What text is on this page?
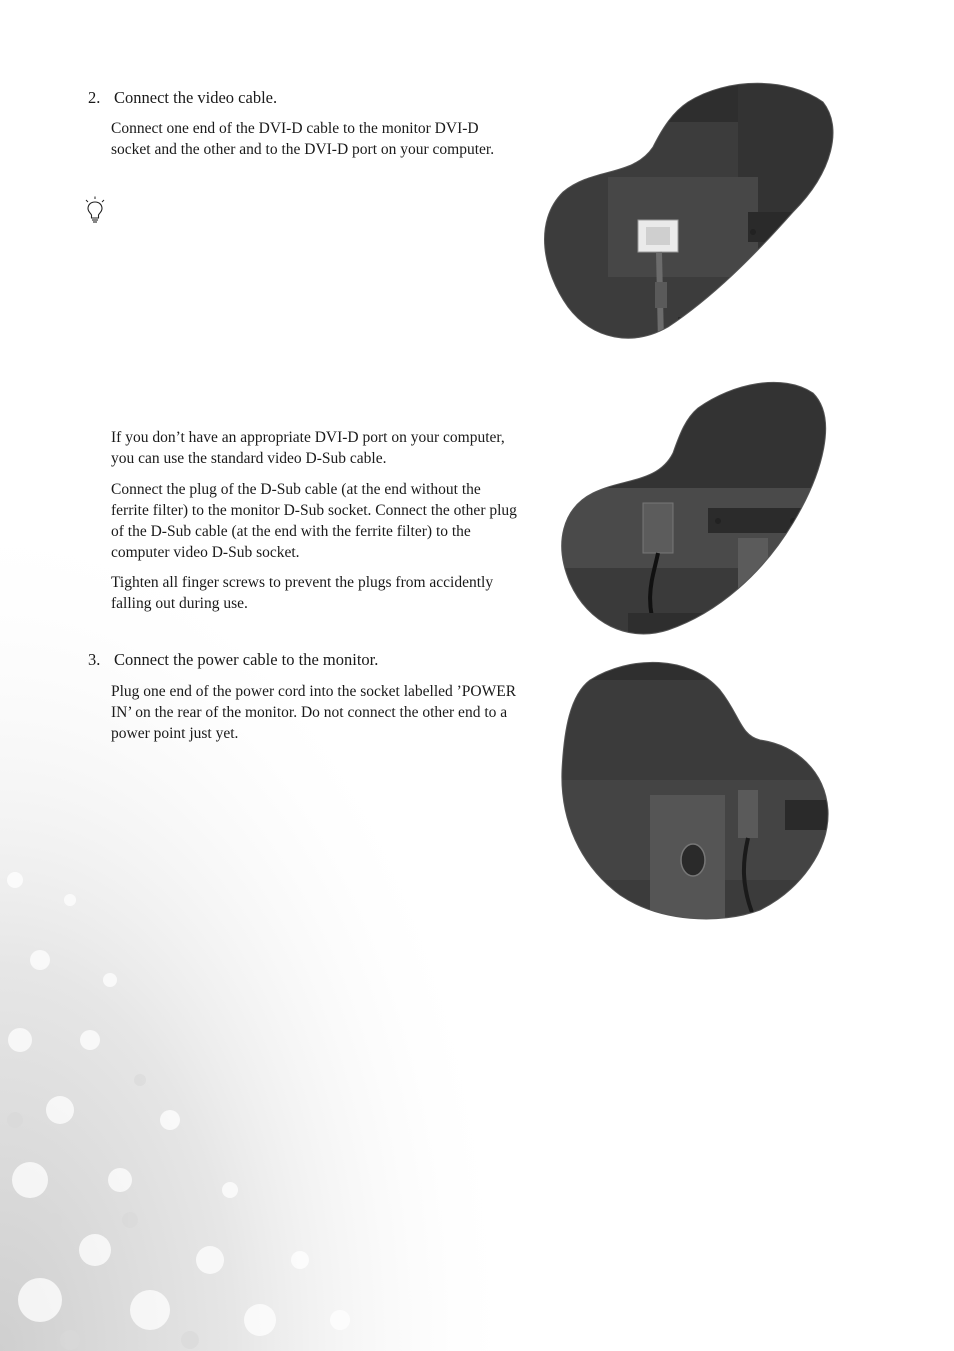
2. Connect the video cable.
Connect one end of the DVI-D cable to the monitor DVI-D socket and the other and to the DVI-D port on your computer.
If you don’t have an appropriate DVI-D port on your computer, you can use the standard video D-Sub cable.
Connect the plug of the D-Sub cable (at the end without the ferrite filter) to the monitor D-Sub socket. Connect the other plug of the D-Sub cable (at the end with the ferrite filter) to the computer video D-Sub socket.
Tighten all finger screws to prevent the plugs from accidently falling out during use.
3. Connect the power cable to the monitor.
Plug one end of the power cord into the socket labelled ’POWER IN’ on the rear of the monitor. Do not connect the other end to a power point just yet.
